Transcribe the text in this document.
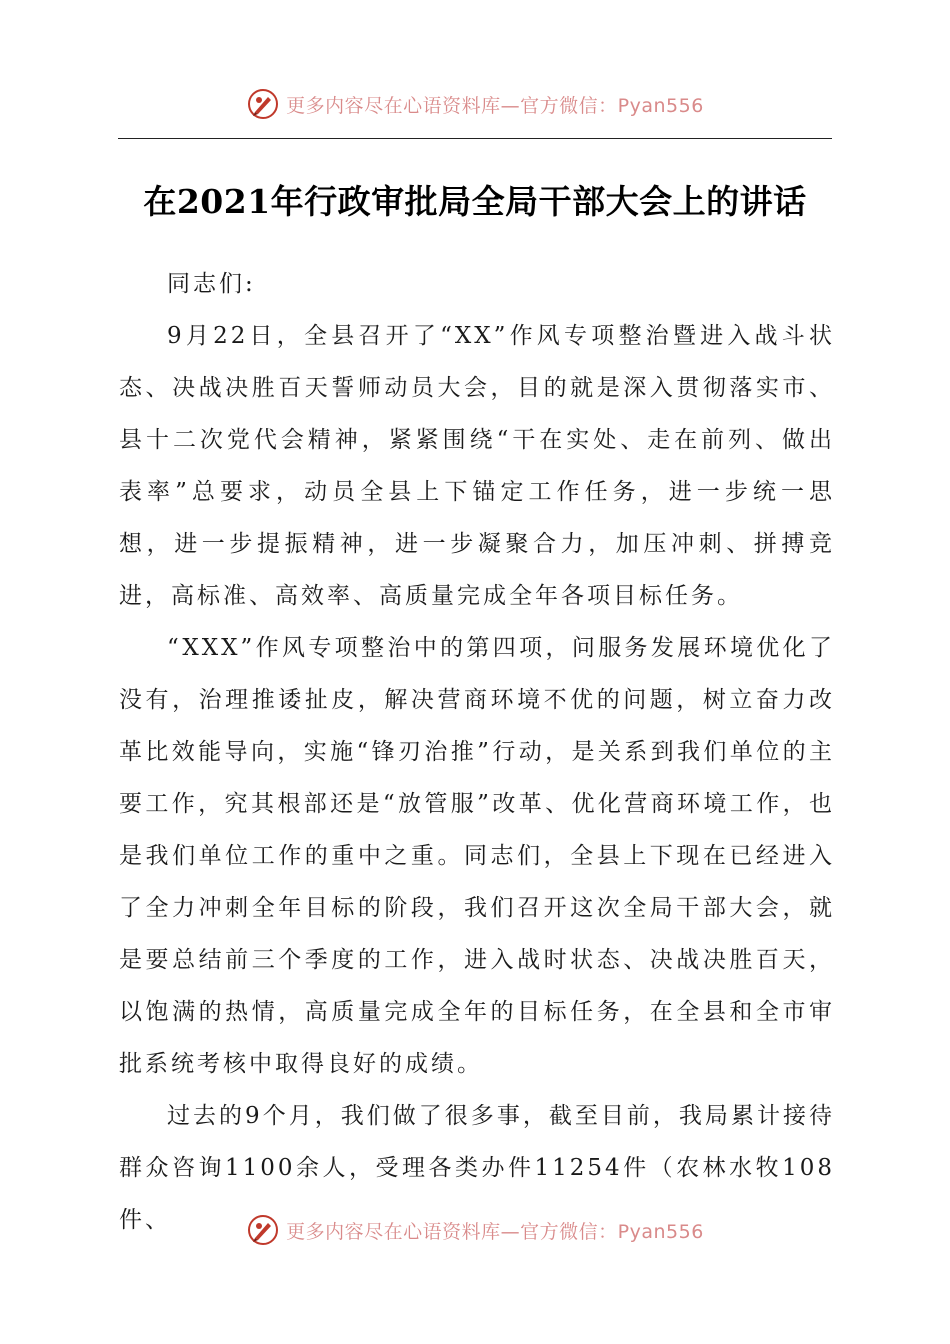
更多内容尽在心语资料库—官方微信：Pyan556
在2021年行政审批局全局干部大会上的讲话

同志们:

9月22日，全县召开了“XX”作风专项整治暨进入战斗状态、决战决胜百天誓师动员大会，目的就是深入贯彻落实市、县十二次党代会精神，紧紧围绕“干在实处、走在前列、做出表率”总要求，动员全县上下锚定工作任务，进一步统一思想，进一步提振精神，进一步凝聚合力，加压冲刺、拼搏竞进，高标准、高效率、高质量完成全年各项目标任务。

“XXX”作风专项整治中的第四项，问服务发展环境优化了没有，治理推诿扯皮，解决营商环境不优的问题，树立奋力改革比效能导向，实施“锋刃治推”行动，是关系到我们单位的主要工作，究其根部还是“放管服”改革、优化营商环境工作，也是我们单位工作的重中之重。同志们，全县上下现在已经进入了全力冲刺全年目标的阶段，我们召开这次全局干部大会，就是要总结前三个季度的工作，进入战时状态、决战决胜百天，以饱满的热情，高质量完成全年的目标任务，在全县和全市审批系统考核中取得良好的成绩。

过去的9个月，我们做了很多事，截至目前，我局累计接待群众咨询1100余人，受理各类办件11254件（农林水牧108件、	更多内容尽在心语资料库—官方微信：Pyan556
